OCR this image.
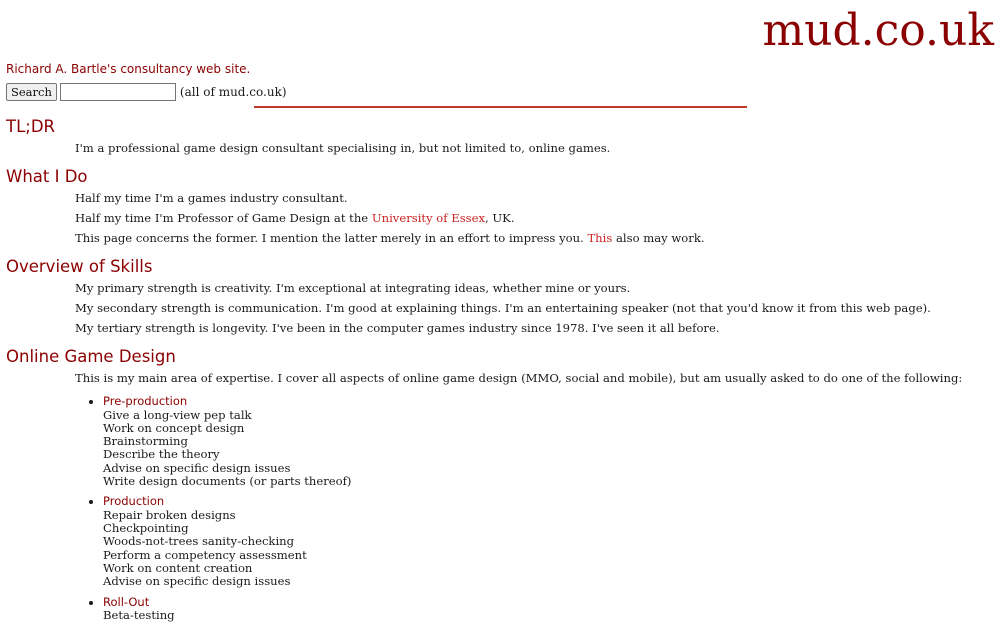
mud.co.uk

Richard A. Bartle's consultancy web site.

Search	(all of mud.co.uk)
TL;DR

I'm a professional game design consultant specialising in, but not limited to, online games.

What I Do

Half my time I'm a games industry consultant.

Half my time I'm Professor of Game Design at the University of Essex, UK.

This page concerns the former. I mention the latter merely in an effort to impress you. This also may work.

Overview of Skills

My primary strength is creativity. I'm exceptional at integrating ideas, whether mine or yours.

My secondary strength is communication. I'm good at explaining things. I'm an entertaining speaker (not that you'd know it from this web page).

My tertiary strength is longevity. I've been in the computer games industry since 1978. I've seen it all before.

Online Game Design

This is my main area of expertise. I cover all aspects of online game design (MMO, social and mobile), but am usually asked to do one of the following:

• Pre-production
Give a long-view pep talk
Work on concept design
Brainstorming
Describe the theory
Advise on specific design issues
Write design documents (or parts thereof)
• Production
Repair broken designs
Checkpointing
Woods-not-trees sanity-checking
Perform a competency assessment
Work on content creation
Advise on specific design issues
• Roll-Out
Beta-testing
